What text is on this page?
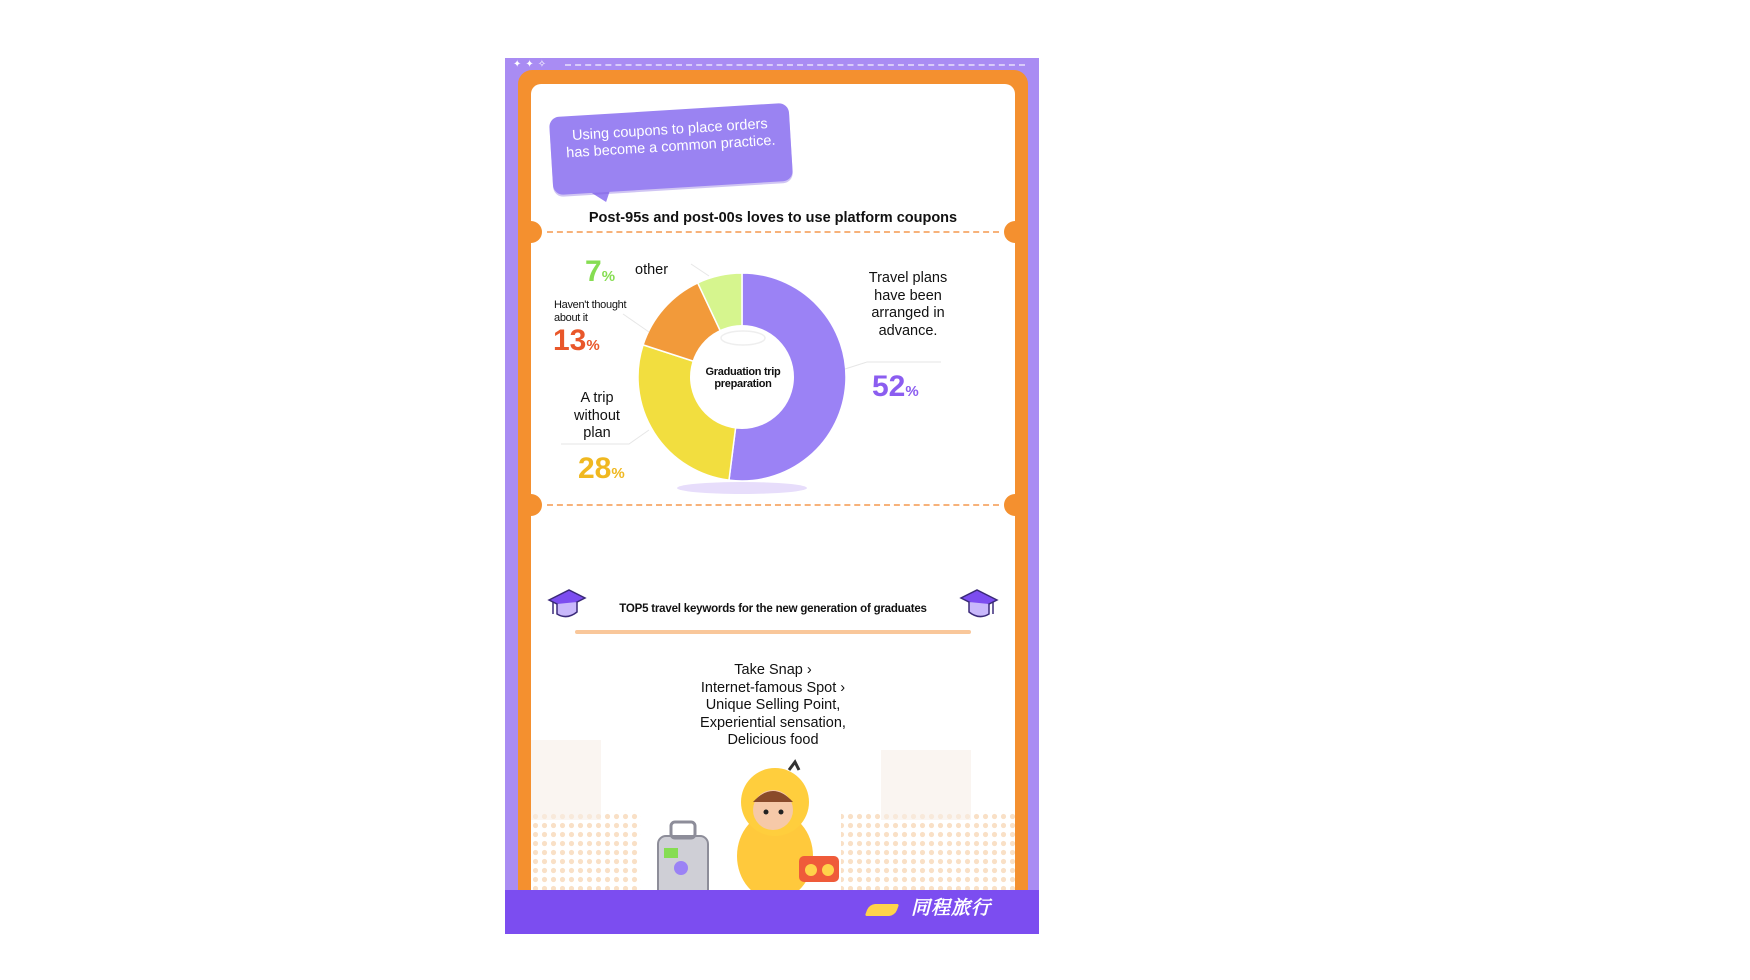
✦✦✧
Using coupons to place orders has become a common practice.
Post-95s and post-00s loves to use platform coupons
Graduation trip preparation
other
7%
Haven't thought about it
13%
A trip without plan
28%
Travel plans have been arranged in advance.
52%
TOP5 travel keywords for the new generation of graduates
Take Snap ›
Internet-famous Spot ›
Unique Selling Point,
Experiential sensation,
Delicious food
同程旅行
